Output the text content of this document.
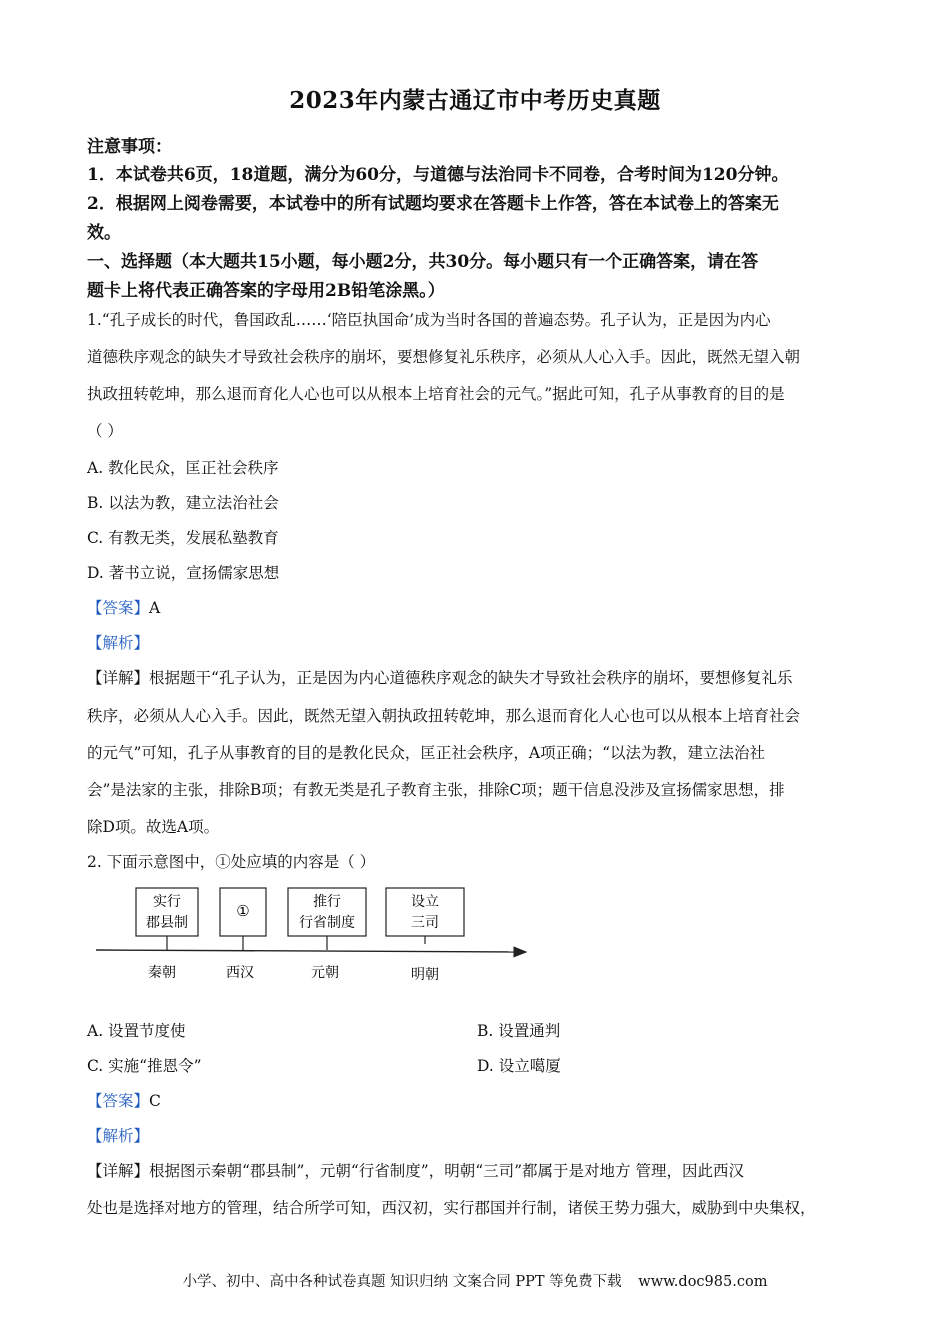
2023年内蒙古通辽市中考历史真题
注意事项：
1．本试卷共6页，18道题，满分为60分，与道德与法治同卡不同卷，合考时间为120分钟。
2．根据网上阅卷需要，本试卷中的所有试题均要求在答题卡上作答，答在本试卷上的答案无
效。
一、选择题（本大题共15小题，每小题2分，共30分。每小题只有一个正确答案，请在答
题卡上将代表正确答案的字母用2B铅笔涂黑。）
1.“孔子成长的时代，鲁国政乱……‘陪臣执国命’成为当时各国的普遍态势。孔子认为，正是因为内心
道德秩序观念的缺失才导致社会秩序的崩坏，要想修复礼乐秩序，必须从人心入手。因此，既然无望入朝
执政扭转乾坤，那么退而育化人心也可以从根本上培育社会的元气。”据此可知，孔子从事教育的目的是
（ ）
A. 教化民众，匡正社会秩序
B. 以法为教，建立法治社会
C. 有教无类，发展私塾教育
D. 著书立说，宣扬儒家思想
【答案】A
【解析】
【详解】根据题干“孔子认为，正是因为内心道德秩序观念的缺失才导致社会秩序的崩坏，要想修复礼乐
秩序，必须从人心入手。因此，既然无望入朝执政扭转乾坤，那么退而育化人心也可以从根本上培育社会
的元气”可知，孔子从事教育的目的是教化民众，匡正社会秩序，A项正确；“以法为教，建立法治社
会”是法家的主张，排除B项；有教无类是孔子教育主张，排除C项；题干信息没涉及宣扬儒家思想，排
除D项。故选A项。
2. 下面示意图中，①处应填的内容是（ ）
实行
郡县制
①	推行
行省制度
设立
三司
秦朝	西汉	元朝	明朝
A. 设置节度使	B. 设置通判
C. 实施“推恩令”	D. 设立噶厦
【答案】C
【解析】
【详解】根据图示秦朝“郡县制”，元朝“行省制度”，明朝“三司”都属于是对地方 管理，因此西汉
处也是选择对地方的管理，结合所学可知，西汉初，实行郡国并行制，诸侯王势力强大，威胁到中央集权，
小学、初中、高中各种试卷真题 知识归纳 文案合同 PPT 等免费下载 www.doc985.com
